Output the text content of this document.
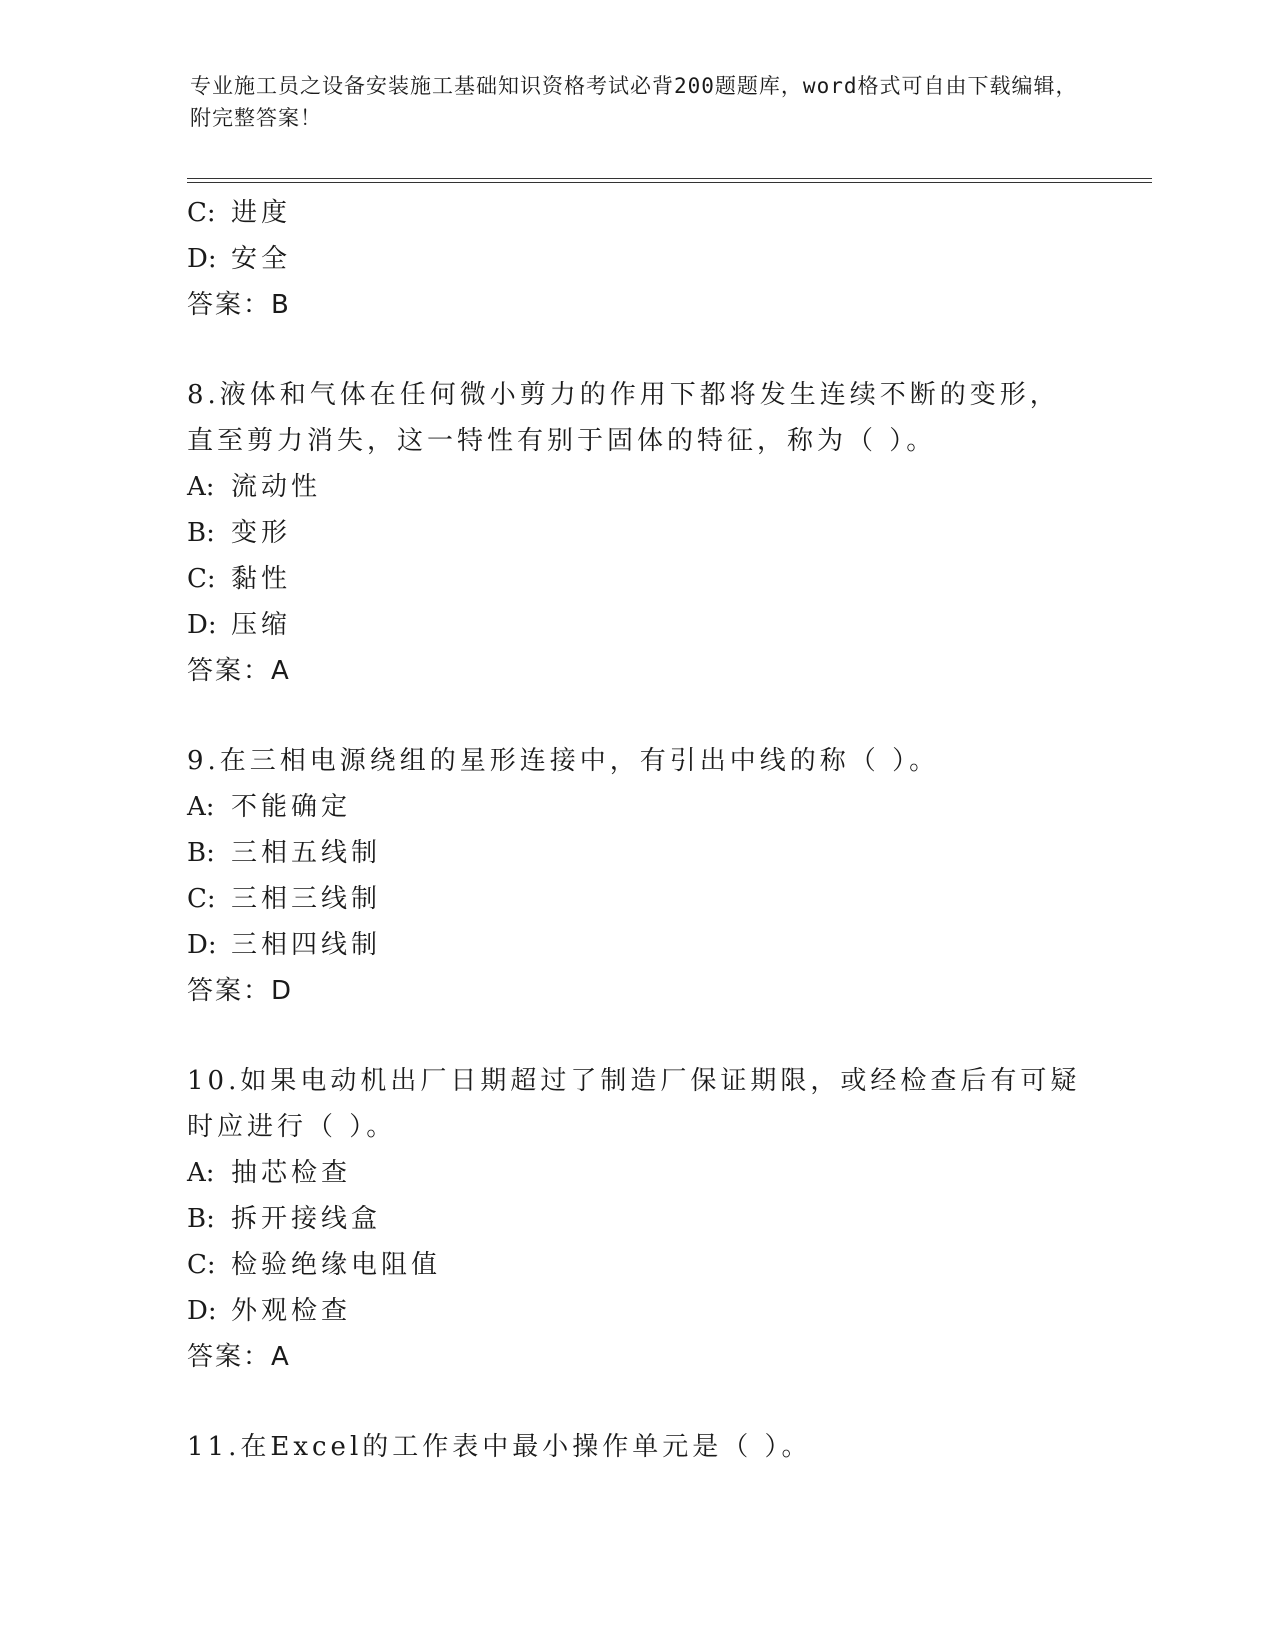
专业施工员之设备安装施工基础知识资格考试必背200题题库，word格式可自由下载编辑，附完整答案！
C: 进度
D: 安全
答案：B
8.液体和气体在任何微小剪力的作用下都将发生连续不断的变形，直至剪力消失，这一特性有别于固体的特征，称为（ ）。
A: 流动性
B: 变形
C: 黏性
D: 压缩
答案：A
9.在三相电源绕组的星形连接中，有引出中线的称（ ）。
A: 不能确定
B: 三相五线制
C: 三相三线制
D: 三相四线制
答案：D
10.如果电动机出厂日期超过了制造厂保证期限，或经检查后有可疑时应进行（ ）。
A: 抽芯检查
B: 拆开接线盒
C: 检验绝缘电阻值
D: 外观检查
答案：A
11.在Excel的工作表中最小操作单元是（ ）。
